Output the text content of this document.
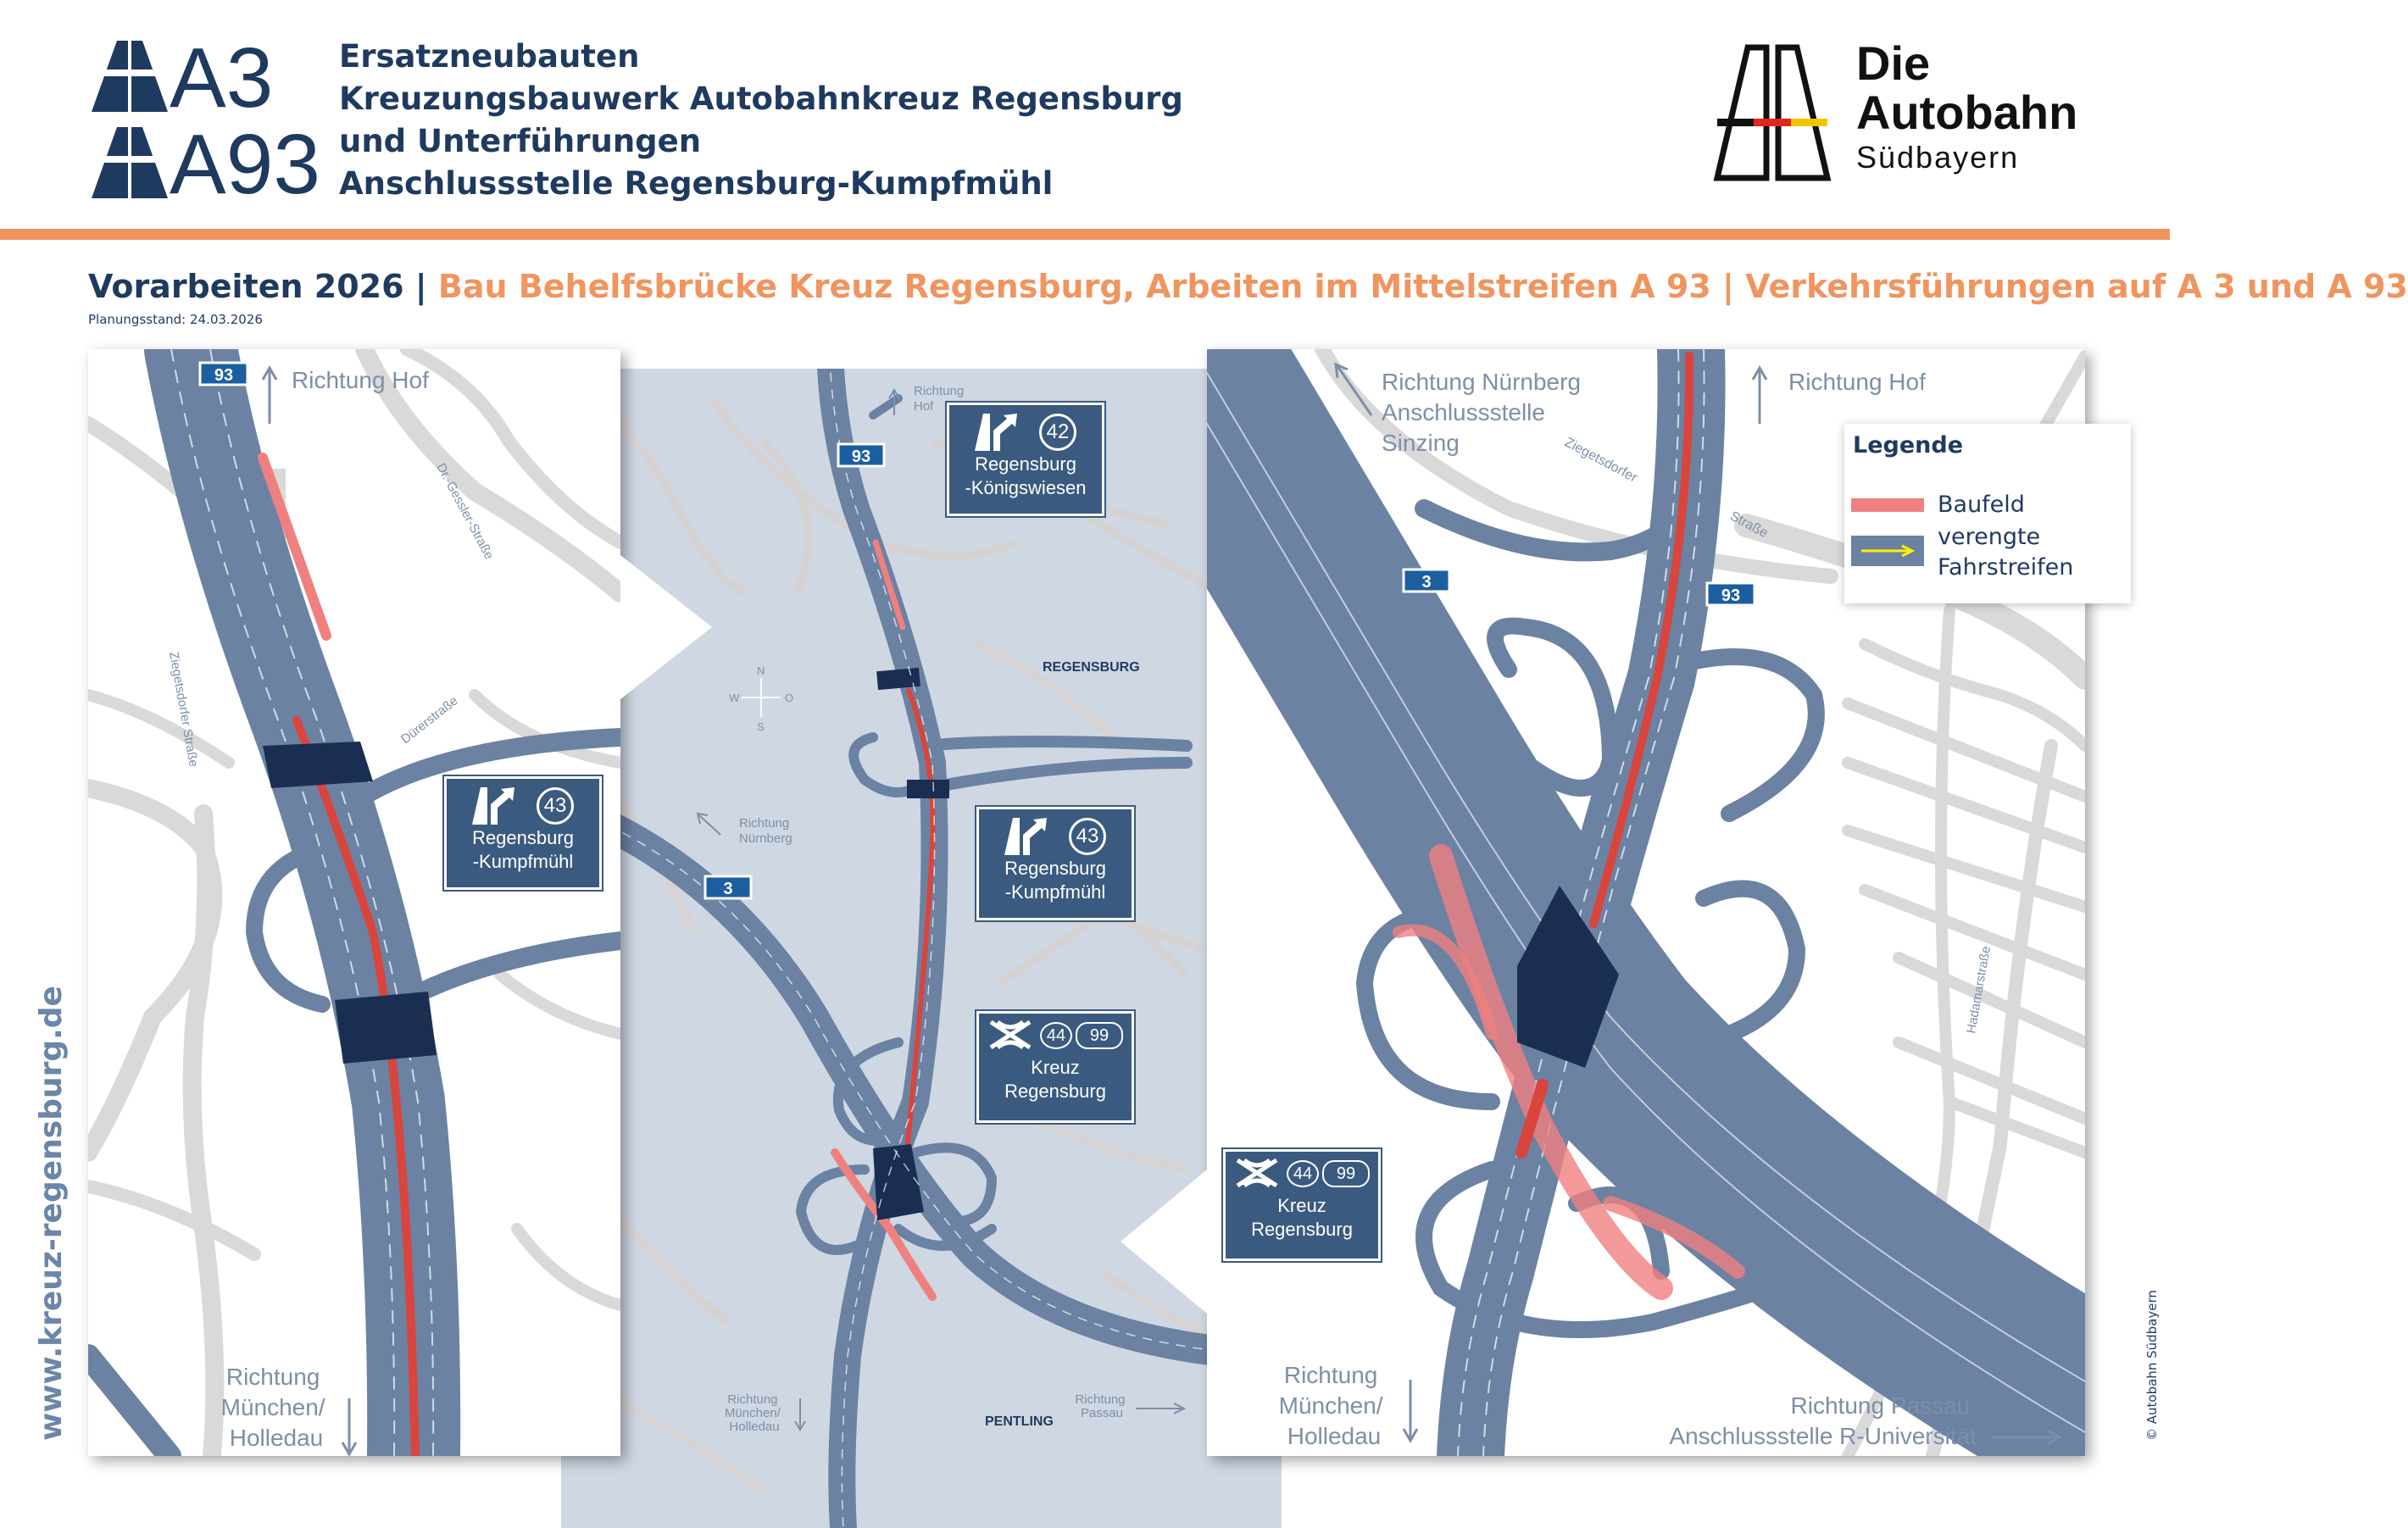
A3
A93
Ersatzneubauten
Kreuzungsbauwerk Autobahnkreuz Regensburg
und Unterführungen
Anschlussstelle Regensburg-Kumpfmühl
Die
Autobahn
Südbayern
Vorarbeiten 2026 | Bau Behelfsbrücke Kreuz Regensburg, Arbeiten im Mittelstreifen A 93 | Verkehrsführungen auf A 3 und A 93
Planungsstand: 24.03.2026
N
O
S
W
REGENSBURG
PENTLING
Richtung Hof
Richtung Nürnberg
Richtung München/ Holledau
Richtung Passau
93 Richtung Hof
Dr.-Gessler-Straße
Ziegetsdorfer Straße	Dürerstraße
Richtung München/ Holledau
3
93
Richtung Nürnberg Anschlussstelle Sinzing
Richtung Hof
Ziegetsdorfer
Straße
Hadamarstraße
Richtung München/ Holledau
Richtung Passau Anschlussstelle R-Universität
93
3
43
Regensburg
-Kumpfmühl
42
Regensburg
-Königswiesen
43
Regensburg
-Kumpfmühl
44	99
Kreuz
Regensburg
44	99
Kreuz
Regensburg
Legende
Baufeld
verengte
Fahrstreifen
www.kreuz-regensburg.de	© Autobahn Südbayern
